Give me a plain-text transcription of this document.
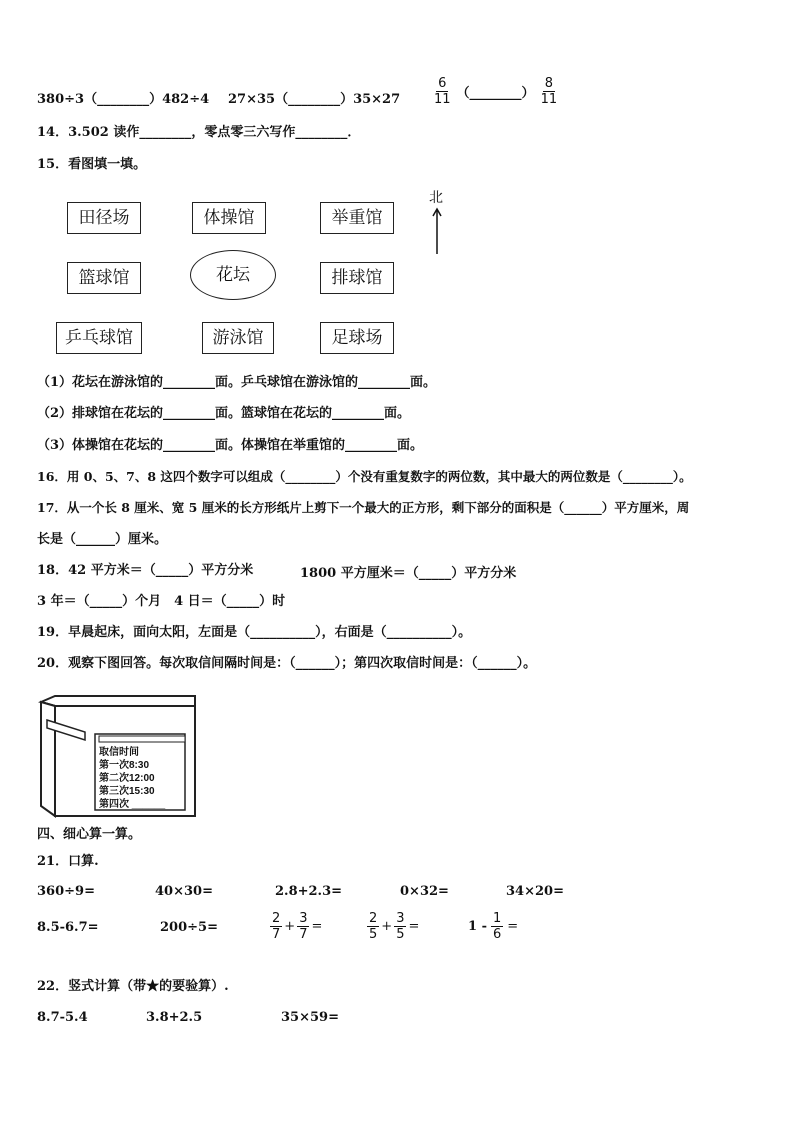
380÷3（________）482÷4 27×35（________）35×27 $\frac{6}{11}$ （________） $\frac{8}{11}$
14．3.502 读作________，零点零三六写作________．
15．看图填一填。
田径场	体操馆	举重馆
篮球馆	花坛	排球馆
乒乓球馆	游泳馆	足球场
北
（1）花坛在游泳馆的________面。乒乓球馆在游泳馆的________面。
（2）排球馆在花坛的________面。篮球馆在花坛的________面。
（3）体操馆在花坛的________面。体操馆在举重馆的________面。
16．用 0、5、7、8 这四个数字可以组成（________）个没有重复数字的两位数，其中最大的两位数是（________）。
17．从一个长 8 厘米、宽 5 厘米的长方形纸片上剪下一个最大的正方形，剩下部分的面积是（______）平方厘米，周
长是（______）厘米。
18．42 平方米＝（_____）平方分米	1800 平方厘米＝（_____）平方分米
3 年＝（_____）个月　4 日＝（_____）时
19．早晨起床，面向太阳，左面是（__________），右面是（__________）。
20．观察下图回答。每次取信间隔时间是：（______）；第四次取信时间是：（______）。
取信时间
第一次8:30
第二次12:00
第三次15:30
第四次 ______
四、细心算一算。
21．口算.
360÷9=	40×30=	2.8+2.3=	0×32=	34×20=
8.5-6.7=	200÷5=	$\frac{2}{7} + \frac{3}{7}$ =	$\frac{2}{5} + \frac{3}{5}$ =	$1 - \frac{1}{6}$ =
22．竖式计算（带★的要验算）.
8.7-5.4	3.8+2.5	35×59=
